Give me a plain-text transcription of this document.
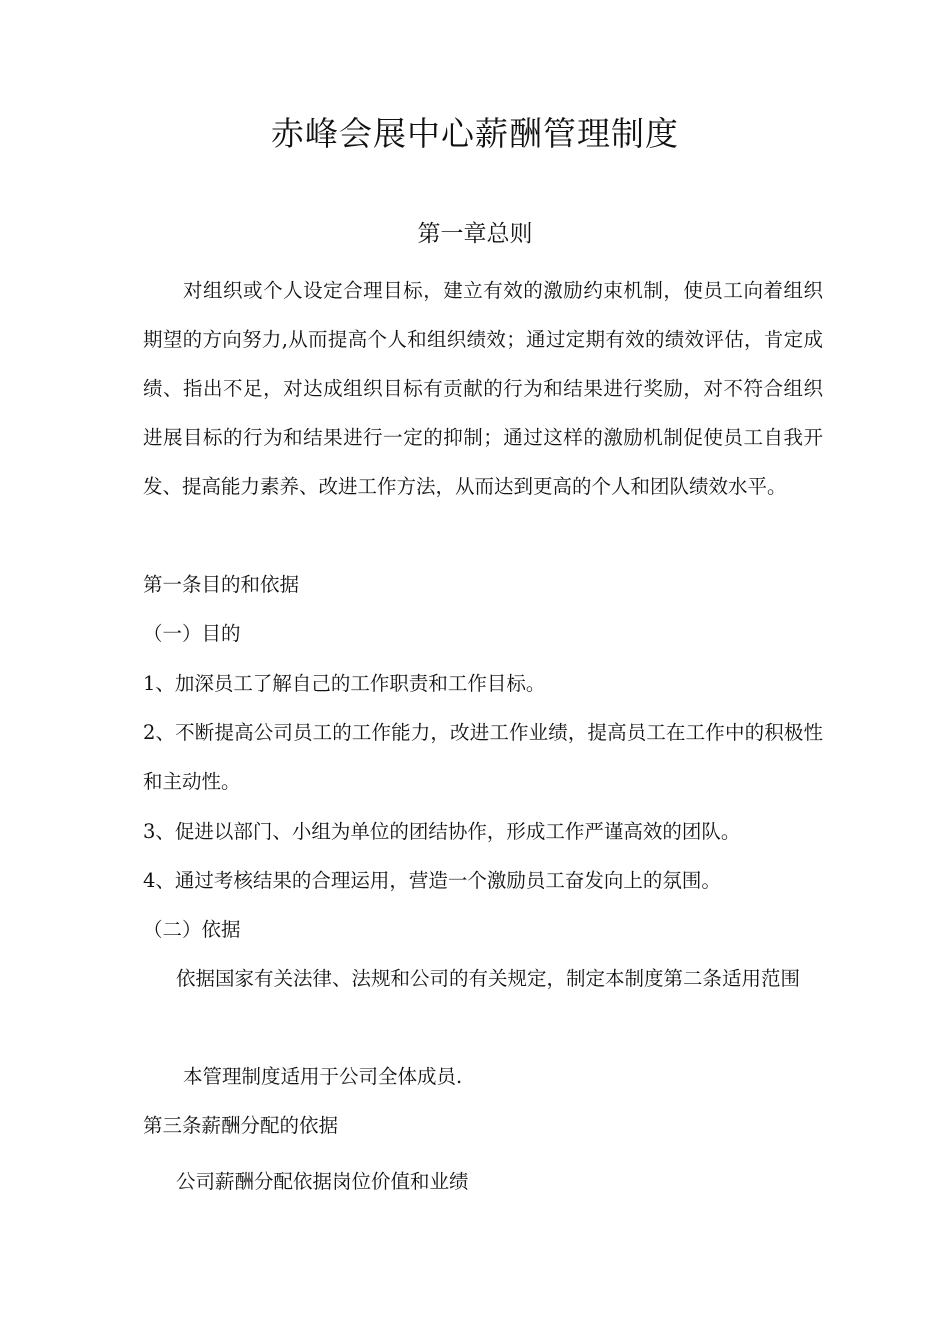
赤峰会展中心薪酬管理制度
第一章总则
对组织或个人设定合理目标，建立有效的激励约束机制，使员工向着组织期望的方向努力,从而提高个人和组织绩效；通过定期有效的绩效评估，肯定成绩、指出不足，对达成组织目标有贡献的行为和结果进行奖励，对不符合组织进展目标的行为和结果进行一定的抑制；通过这样的激励机制促使员工自我开发、提高能力素养、改进工作方法，从而达到更高的个人和团队绩效水平。
第一条目的和依据
（一）目的
1、加深员工了解自己的工作职责和工作目标。
2、不断提高公司员工的工作能力，改进工作业绩，提高员工在工作中的积极性和主动性。
3、促进以部门、小组为单位的团结协作，形成工作严谨高效的团队。
4、通过考核结果的合理运用，营造一个激励员工奋发向上的氛围。
（二）依据
依据国家有关法律、法规和公司的有关规定，制定本制度第二条适用范围
本管理制度适用于公司全体成员.
第三条薪酬分配的依据
公司薪酬分配依据岗位价值和业绩
